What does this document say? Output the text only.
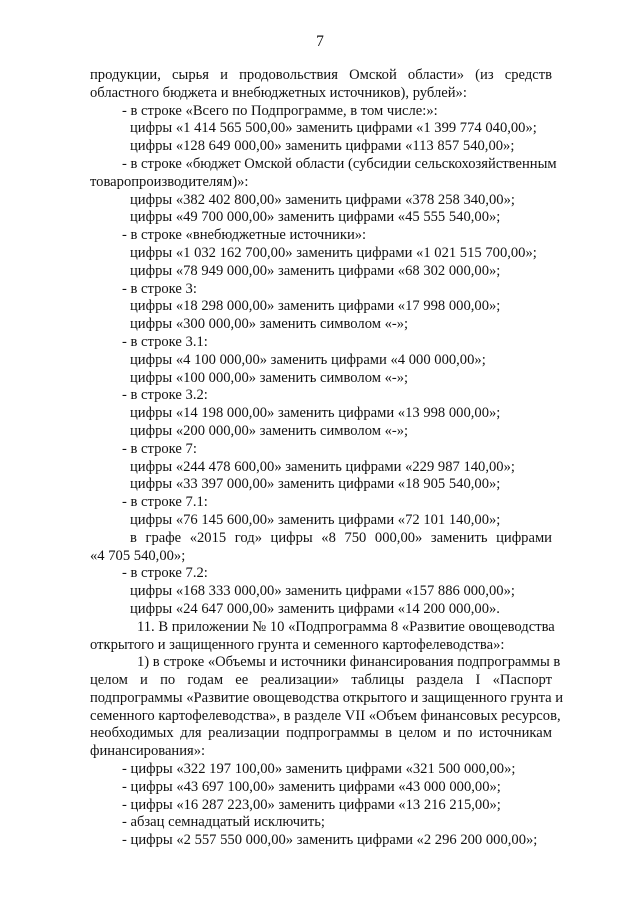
7
продукции, сырья и продовольствия Омской области» (из средств
областного бюджета и внебюджетных источников), рублей»:
- в строке «Всего по Подпрограмме, в том числе:»:
цифры «1 414 565 500,00» заменить цифрами «1 399 774 040,00»;
цифры «128 649 000,00» заменить цифрами «113 857 540,00»;
- в строке «бюджет Омской области (субсидии сельскохозяйственным
товаропроизводителям)»:
цифры «382 402 800,00» заменить цифрами «378 258 340,00»;
цифры «49 700 000,00» заменить цифрами «45 555 540,00»;
- в строке «внебюджетные источники»:
цифры «1 032 162 700,00» заменить цифрами «1 021 515 700,00»;
цифры «78 949 000,00» заменить цифрами «68 302 000,00»;
- в строке 3:
цифры «18 298 000,00» заменить цифрами «17 998 000,00»;
цифры «300 000,00» заменить символом «-»;
- в строке 3.1:
цифры «4 100 000,00» заменить цифрами «4 000 000,00»;
цифры «100 000,00» заменить символом «-»;
- в строке 3.2:
цифры «14 198 000,00» заменить цифрами «13 998 000,00»;
цифры «200 000,00» заменить символом «-»;
- в строке 7:
цифры «244 478 600,00» заменить цифрами «229 987 140,00»;
цифры «33 397 000,00» заменить цифрами «18 905 540,00»;
- в строке 7.1:
цифры «76 145 600,00» заменить цифрами «72 101 140,00»;
в графе «2015 год» цифры «8 750 000,00» заменить цифрами
«4 705 540,00»;
- в строке 7.2:
цифры «168 333 000,00» заменить цифрами «157 886 000,00»;
цифры «24 647 000,00» заменить цифрами «14 200 000,00».
11. В приложении № 10 «Подпрограмма 8 «Развитие овощеводства
открытого и защищенного грунта и семенного картофелеводства»:
1) в строке «Объемы и источники финансирования подпрограммы в
целом и по годам ее реализации» таблицы раздела I «Паспорт
подпрограммы «Развитие овощеводства открытого и защищенного грунта и
семенного картофелеводства», в разделе VII «Объем финансовых ресурсов,
необходимых для реализации подпрограммы в целом и по источникам
финансирования»:
- цифры «322 197 100,00» заменить цифрами «321 500 000,00»;
- цифры «43 697 100,00» заменить цифрами «43 000 000,00»;
- цифры «16 287 223,00» заменить цифрами «13 216 215,00»;
- абзац семнадцатый исключить;
- цифры «2 557 550 000,00» заменить цифрами «2 296 200 000,00»;
